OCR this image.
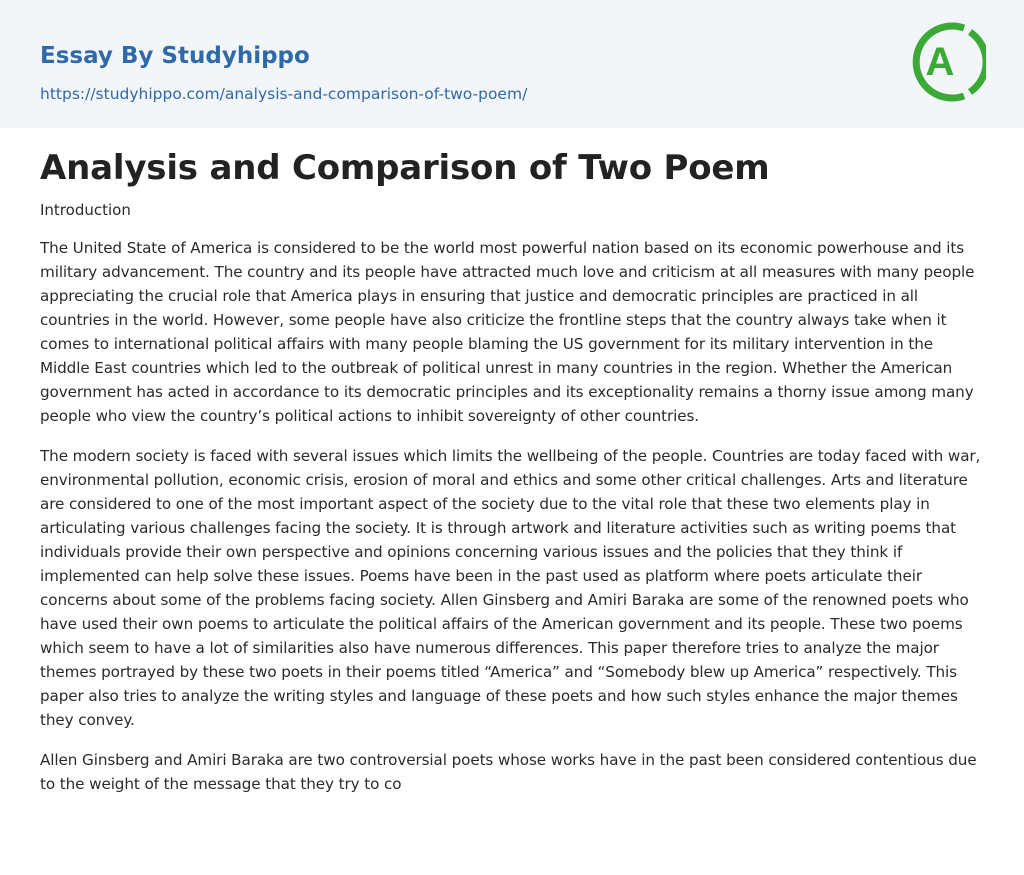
Essay By Studyhippo
https://studyhippo.com/analysis-and-comparison-of-two-poem/
A
Analysis and Comparison of Two Poem

Introduction

The United State of America is considered to be the world most powerful nation based on its economic powerhouse and its military advancement. The country and its people have attracted much love and criticism at all measures with many people appreciating the crucial role that America plays in ensuring that justice and democratic principles are practiced in all countries in the world. However, some people have also criticize the frontline steps that the country always take when it comes to international political affairs with many people blaming the US government for its military intervention in the Middle East countries which led to the outbreak of political unrest in many countries in the region. Whether the American government has acted in accordance to its democratic principles and its exceptionality remains a thorny issue among many people who view the country’s political actions to inhibit sovereignty of other countries.

The modern society is faced with several issues which limits the wellbeing of the people. Countries are today faced with war, environmental pollution, economic crisis, erosion of moral and ethics and some other critical challenges. Arts and literature are considered to one of the most important aspect of the society due to the vital role that these two elements play in articulating various challenges facing the society. It is through artwork and literature activities such as writing poems that individuals provide their own perspective and opinions concerning various issues and the policies that they think if implemented can help solve these issues. Poems have been in the past used as platform where poets articulate their concerns about some of the problems facing society. Allen Ginsberg and Amiri Baraka are some of the renowned poets who have used their own poems to articulate the political affairs of the American government and its people. These two poems which seem to have a lot of similarities also have numerous differences. This paper therefore tries to analyze the major themes portrayed by these two poets in their poems titled “America” and “Somebody blew up America” respectively. This paper also tries to analyze the writing styles and language of these poets and how such styles enhance the major themes they convey.

Allen Ginsberg and Amiri Baraka are two controversial poets whose works have in the past been considered contentious due to the weight of the message that they try to co
